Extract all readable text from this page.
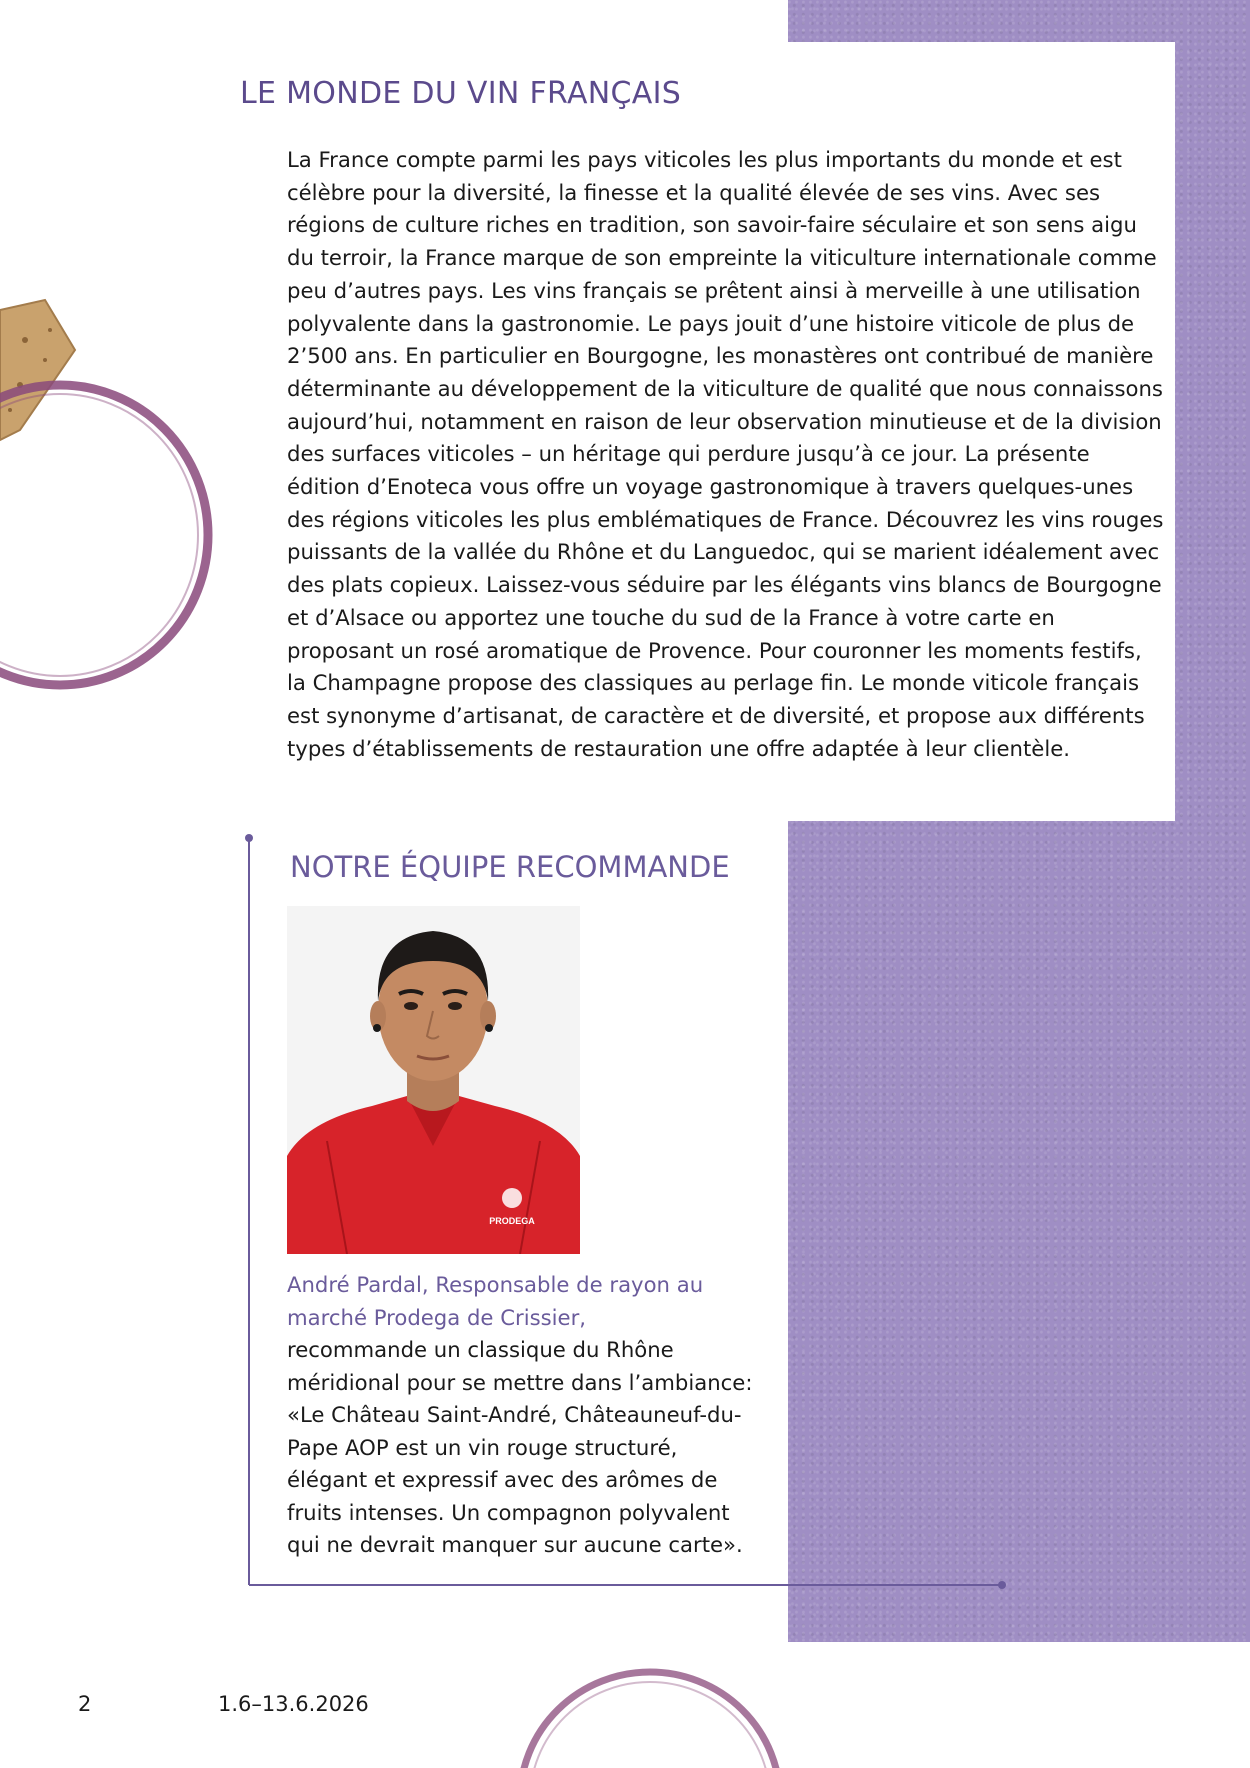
LE MONDE DU VIN FRANÇAIS

La France compte parmi les pays viticoles les plus importants du monde et est célèbre pour la diversité, la finesse et la qualité élevée de ses vins. Avec ses régions de culture riches en tradition, son savoir-faire séculaire et son sens aigu du terroir, la France marque de son empreinte la viticulture internationale comme peu d’autres pays. Les vins français se prêtent ainsi à merveille à une utilisation polyvalente dans la gastronomie. Le pays jouit d’une histoire viticole de plus de 2’500 ans. En particulier en Bourgogne, les monastères ont contribué de manière déterminante au développement de la viticulture de qualité que nous connaissons aujourd’hui, notamment en raison de leur observation minutieuse et de la division des surfaces viticoles – un héritage qui perdure jusqu’à ce jour. La présente édition d’Enoteca vous offre un voyage gastronomique à travers quelques-unes des régions viticoles les plus emblématiques de France. Découvrez les vins rouges puissants de la vallée du Rhône et du Languedoc, qui se marient idéalement avec des plats copieux. Laissez-vous séduire par les élégants vins blancs de Bourgogne et d’Alsace ou apportez une touche du sud de la France à votre carte en proposant un rosé aromatique de Provence. Pour couronner les moments festifs, la Champagne propose des classiques au perlage fin. Le monde viticole français est synonyme d’artisanat, de caractère et de diversité, et propose aux différents types d’établissements de restauration une offre adaptée à leur clientèle.

NOTRE ÉQUIPE RECOMMANDE
PRODEGA

André Pardal, Responsable de rayon au marché Prodega de Crissier,

recommande un classique du Rhône méridional pour se mettre dans l’ambiance: «Le Château Saint-André, Châteauneuf-du-Pape AOP est un vin rouge structuré, élégant et expressif avec des arômes de fruits intenses. Un compagnon polyvalent qui ne devrait manquer sur aucune carte».

2	1.6–13.6.2026
